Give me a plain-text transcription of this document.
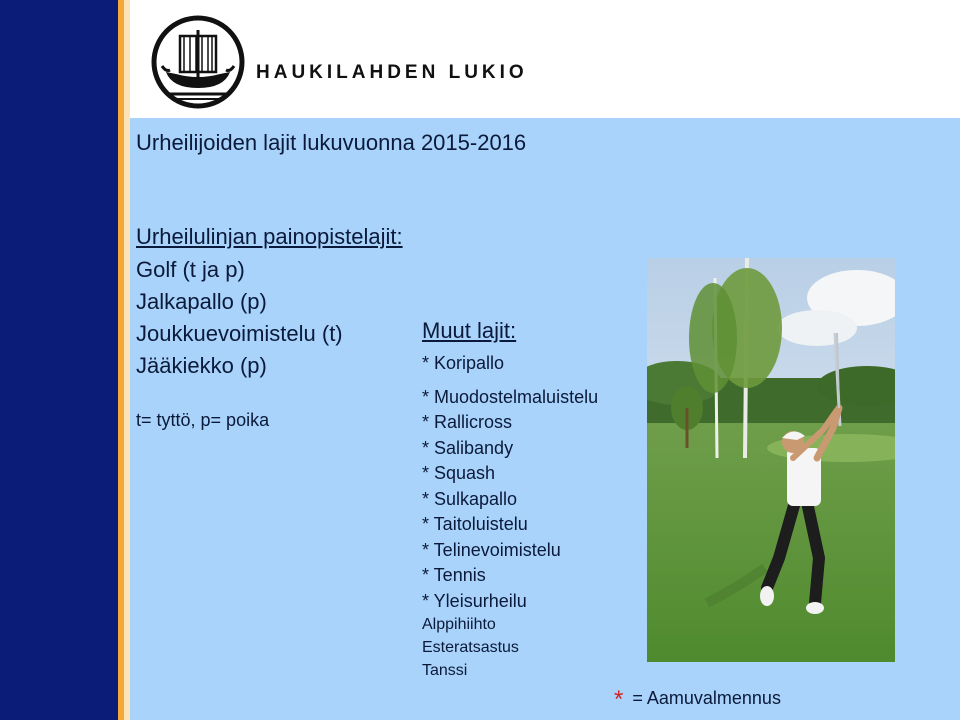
HAUKILAHDEN LUKIO
Urheilijoiden lajit lukuvuonna 2015-2016
Urheilulinjan painopistelajit:
Golf (t ja p)
Jalkapallo (p)
Joukkuevoimistelu (t)
Jääkiekko (p)
t= tyttö, p= poika
Muut lajit:
* Koripallo
* Muodostelmaluistelu
* Rallicross
* Salibandy
* Squash
* Sulkapallo
* Taitoluistelu
* Telinevoimistelu
* Tennis
* Yleisurheilu
Alppihiihto
Esteratsastus
Tanssi
* = Aamuvalmennus
